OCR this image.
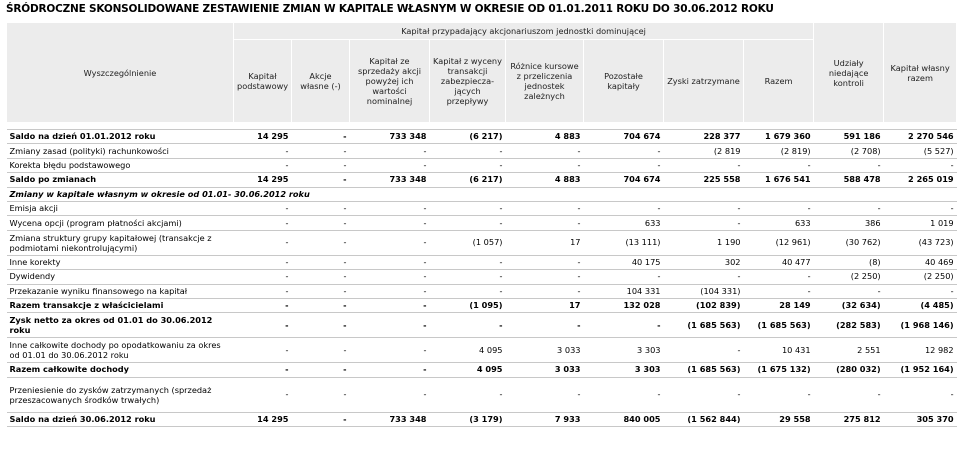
ŚRÓDROCZNE SKONSOLIDOWANE ZESTAWIENIE ZMIAN W KAPITALE WŁASNYM W OKRESIE OD 01.01.2011 ROKU DO 30.06.2012 ROKU
Wyszczególnienie	Kapitał przypadający akcjonariuszom jednostki dominującej								Udziały niedające kontroli	Kapitał własny razem
	Kapitał podstawowy	Akcje własne (-)	Kapitał ze sprzedaży akcji powyżej ich wartości nominalnej	Kapitał z wyceny transakcji zabezpiecza-jących przepływy	Różnice kursowe z przeliczenia jednostek zależnych	Pozostałe kapitały	Zyski zatrzymane	Razem		

Saldo na dzień 01.01.2012 roku	14 295	-	733 348	(6 217)	4 883	704 674	228 377	1 679 360	591 186	2 270 546
Zmiany zasad (polityki) rachunkowości	-	-	-	-	-	-	(2 819	(2 819)	(2 708)	(5 527)
Korekta błędu podstawowego	-	-	-	-	-	-	-	-	-	-
Saldo po zmianach	14 295	-	733 348	(6 217)	4 883	704 674	225 558	1 676 541	588 478	2 265 019
Zmiany w kapitale własnym w okresie od 01.01- 30.06.2012 roku										
Emisja akcji	-	-	-	-	-	-	-	-	-	-
Wycena opcji (program płatności akcjami)	-	-	-	-	-	633	-	633	386	1 019
Zmiana struktury grupy kapitałowej (transakcje z podmiotami niekontrolującymi)	-	-	-	(1 057)	17	(13 111)	1 190	(12 961)	(30 762)	(43 723)
Inne korekty	-	-	-	-	-	40 175	302	40 477	(8)	40 469
Dywidendy	-	-	-	-	-	-	-	-	(2 250)	(2 250)
Przekazanie wyniku finansowego na kapitał	-	-	-	-	-	104 331	(104 331)	-	-	-
Razem transakcje z właścicielami	-	-	-	(1 095)	17	132 028	(102 839)	28 149	(32 634)	(4 485)
Zysk netto za okres od 01.01 do 30.06.2012 roku	-	-	-	-	-	-	(1 685 563)	(1 685 563)	(282 583)	(1 968 146)
Inne całkowite dochody po opodatkowaniu za okres od 01.01 do 30.06.2012 roku	-	-	-	4 095	3 033	3 303	-	10 431	2 551	12 982
Razem całkowite dochody	-	-	-	4 095	3 033	3 303	(1 685 563)	(1 675 132)	(280 032)	(1 952 164)
Przeniesienie do zysków zatrzymanych (sprzedaż przeszacowanych środków trwałych)	-	-	-	-	-	-	-	-	-	-
Saldo na dzień 30.06.2012 roku	14 295	-	733 348	(3 179)	7 933	840 005	(1 562 844)	29 558	275 812	305 370
